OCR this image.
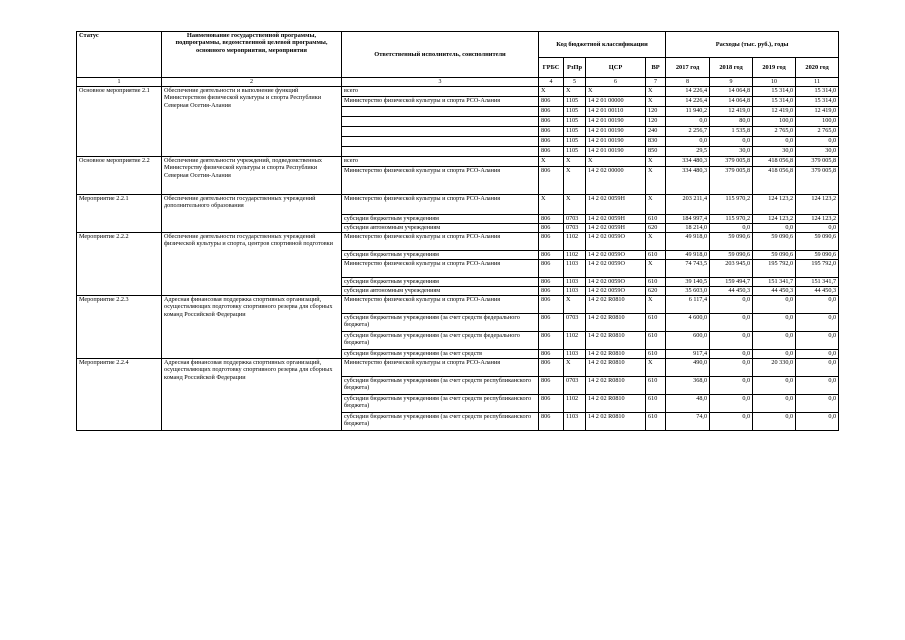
Статус	Наименование государственной программы, подпрограммы, ведомственной целевой программы, основного мероприятия, мероприятия	Ответственный исполнитель, соисполнители	Код бюджетной классификации				Расходы (тыс. руб.), годы			
			ГРБС	РзПр	ЦСР	ВР	2017 год	2018 год	2019 год	2020 год
1	2	3	4	5	6	7	8	9	10	11
Основное мероприятие 2.1	Обеспечение деятельности и выполнение функций Министерством физической культуры и спорта Республики Северная Осетия-Алания	всего	X	X	X	X	14 226,4	14 064,8	15 314,0	15 314,0
		Министерство физической культуры и спорта РСО-Алания	806	1105	14 2 01 00000	X	14 226,4	14 064,8	15 314,0	15 314,0
			806	1105	14 2 01 00110	120	11 940,2	12 419,0	12 419,0	12 419,0
			806	1105	14 2 01 00190	120	0,0	80,0	100,0	100,0
			806	1105	14 2 01 00190	240	2 256,7	1 535,8	2 765,0	2 765,0
			806	1105	14 2 01 00190	830	0,0	0,0	0,0	0,0
			806	1105	14 2 01 00190	850	29,5	30,0	30,0	30,0
Основное мероприятие 2.2	Обеспечение деятельности учреждений, подведомственных Министерству физической культуры и спорта Республики Северная Осетия-Алания	всего	X	X	X	X	334 480,3	379 005,8	418 056,8	379 005,8
		Министерство физической культуры и спорта РСО-Алания	806	X	14 2 02 00000	X	334 480,3	379 005,8	418 056,8	379 005,8
Мероприятие 2.2.1	Обеспечение деятельности государственных учреждений дополнительного образования	Министерство физической культуры и спорта РСО-Алания	X	X	14 2 02 0059Н	X	203 211,4	115 970,2	124 123,2	124 123,2
		субсидии бюджетным учреждениям	806	0703	14 2 02 0059Н	610	184 997,4	115 970,2	124 123,2	124 123,2
		субсидии автономным учреждениям	806	0703	14 2 02 0059Н	620	18 214,0	0,0	0,0	0,0
Мероприятие 2.2.2	Обеспечение деятельности государственных учреждений физической культуры и спорта, центров спортивной подготовки	Министерство физической культуры и спорта РСО-Алания	806	1102	14 2 02 0059О	X	49 918,0	59 090,6	59 090,6	59 090,6
		субсидии бюджетным учреждениям	806	1102	14 2 02 0059О	610	49 918,0	59 090,6	59 090,6	59 090,6
		Министерство физической культуры и спорта РСО-Алания	806	1103	14 2 02 0059О	X	74 743,5	203 945,0	195 792,0	195 792,0
		субсидии бюджетным учреждениям	806	1103	14 2 02 0059О	610	39 140,5	159 494,7	151 341,7	151 341,7
		субсидии автономным учреждениям	806	1103	14 2 02 0059О	620	35 603,0	44 450,3	44 450,3	44 450,3
Мероприятие 2.2.3	Адресная финансовая поддержка спортивных организаций, осуществляющих подготовку спортивного резерва для сборных команд Российской Федерации	Министерство физической культуры и спорта РСО-Алания	806	X	14 2 02 R0810	X	6 117,4	0,0	0,0	0,0
		субсидии бюджетным учреждениям (за счет средств федерального бюджета)	806	0703	14 2 02 R0810	610	4 600,0	0,0	0,0	0,0
		субсидии бюджетным учреждениям (за счет средств федерального бюджета)	806	1102	14 2 02 R0810	610	600,0	0,0	0,0	0,0
		субсидии бюджетным учреждениям (за счет средств	806	1103	14 2 02 R0810	610	917,4	0,0	0,0	0,0
Мероприятие 2.2.4	Адресная финансовая поддержка спортивных организаций, осуществляющих подготовку спортивного резерва для сборных команд Российской Федерации	Министерство физической культуры и спорта РСО-Алания	806	X	14 2 02 R0810	X	490,0	0,0	20 330,0	0,0
		субсидии бюджетным учреждениям (за счет средств республиканского бюджета)	806	0703	14 2 02 R0810	610	368,0	0,0	0,0	0,0
		субсидии бюджетным учреждениям (за счет средств республиканского бюджета)	806	1102	14 2 02 R0810	610	48,0	0,0	0,0	0,0
		субсидии бюджетным учреждениям (за счет средств республиканского бюджета)	806	1103	14 2 02 R0810	610	74,0	0,0	0,0	0,0
